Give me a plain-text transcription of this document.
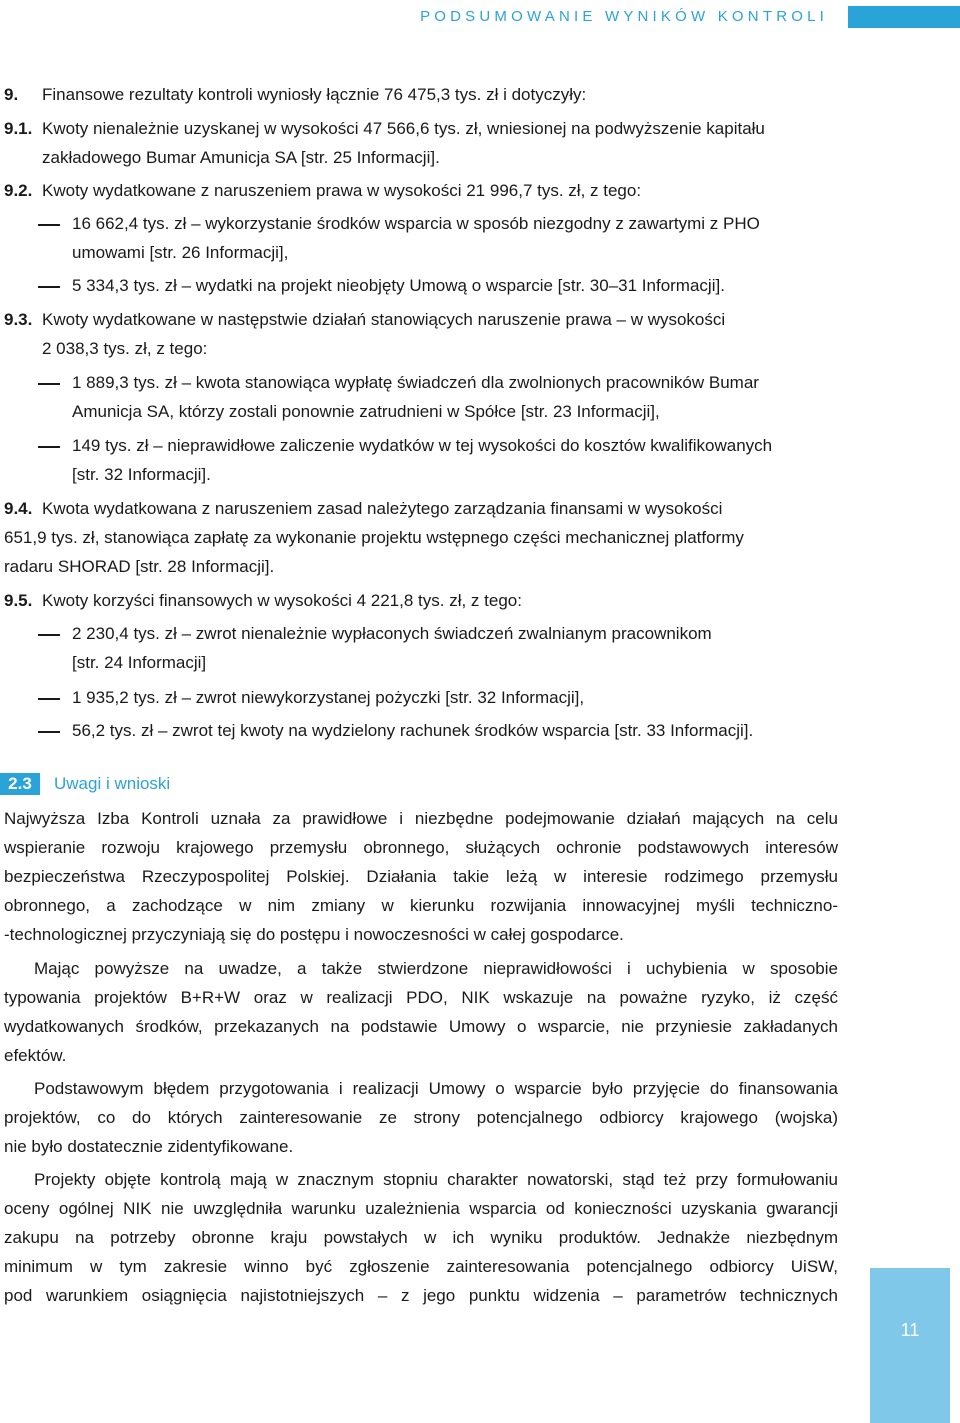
PODSUMOWANIE WYNIKÓW KONTROLI
9. Finansowe rezultaty kontroli wyniosły łącznie 76 475,3 tys. zł i dotyczyły:
9.1. Kwoty nienależnie uzyskanej w wysokości 47 566,6 tys. zł, wniesionej na podwyższenie kapitału
zakładowego Bumar Amunicja SA [str. 25 Informacji].
9.2. Kwoty wydatkowane z naruszeniem prawa w wysokości 21 996,7 tys. zł, z tego:
16 662,4 tys. zł – wykorzystanie środków wsparcia w sposób niezgodny z zawartymi z PHO
umowami [str. 26 Informacji],
5 334,3 tys. zł – wydatki na projekt nieobjęty Umową o wsparcie [str. 30–31 Informacji].
9.3. Kwoty wydatkowane w następstwie działań stanowiących naruszenie prawa – w wysokości
2 038,3 tys. zł, z tego:
1 889,3 tys. zł – kwota stanowiąca wypłatę świadczeń dla zwolnionych pracowników Bumar
Amunicja SA, którzy zostali ponownie zatrudnieni w Spółce [str. 23 Informacji],
149 tys. zł – nieprawidłowe zaliczenie wydatków w tej wysokości do kosztów kwalifikowanych
[str. 32 Informacji].
9.4. Kwota wydatkowana z naruszeniem zasad należytego zarządzania finansami w wysokości
651,9 tys. zł, stanowiąca zapłatę za wykonanie projektu wstępnego części mechanicznej platformy
radaru SHORAD [str. 28 Informacji].
9.5. Kwoty korzyści finansowych w wysokości 4 221,8 tys. zł, z tego:
2 230,4 tys. zł – zwrot nienależnie wypłaconych świadczeń zwalnianym pracownikom
[str. 24 Informacji]
1 935,2 tys. zł – zwrot niewykorzystanej pożyczki [str. 32 Informacji],
56,2 tys. zł – zwrot tej kwoty na wydzielony rachunek środków wsparcia [str. 33 Informacji].
2.3	Uwagi i wnioski
Najwyższa Izba Kontroli uznała za prawidłowe i niezbędne podejmowanie działań mających na celu
wspieranie rozwoju krajowego przemysłu obronnego, służących ochronie podstawowych interesów
bezpieczeństwa Rzeczypospolitej Polskiej. Działania takie leżą w interesie rodzimego przemysłu
obronnego, a zachodzące w nim zmiany w kierunku rozwijania innowacyjnej myśli techniczno-
-technologicznej przyczyniają się do postępu i nowoczesności w całej gospodarce.
Mając powyższe na uwadze, a także stwierdzone nieprawidłowości i uchybienia w sposobie
typowania projektów B+R+W oraz w realizacji PDO, NIK wskazuje na poważne ryzyko, iż część
wydatkowanych środków, przekazanych na podstawie Umowy o wsparcie, nie przyniesie zakładanych
efektów.
Podstawowym błędem przygotowania i realizacji Umowy o wsparcie było przyjęcie do finansowania
projektów, co do których zainteresowanie ze strony potencjalnego odbiorcy krajowego (wojska)
nie było dostatecznie zidentyfikowane.
Projekty objęte kontrolą mają w znacznym stopniu charakter nowatorski, stąd też przy formułowaniu
oceny ogólnej NIK nie uwzględniła warunku uzależnienia wsparcia od konieczności uzyskania gwarancji
zakupu na potrzeby obronne kraju powstałych w ich wyniku produktów. Jednakże niezbędnym
minimum w tym zakresie winno być zgłoszenie zainteresowania potencjalnego odbiorcy UiSW,
pod warunkiem osiągnięcia najistotniejszych – z jego punktu widzenia – parametrów technicznych
11
